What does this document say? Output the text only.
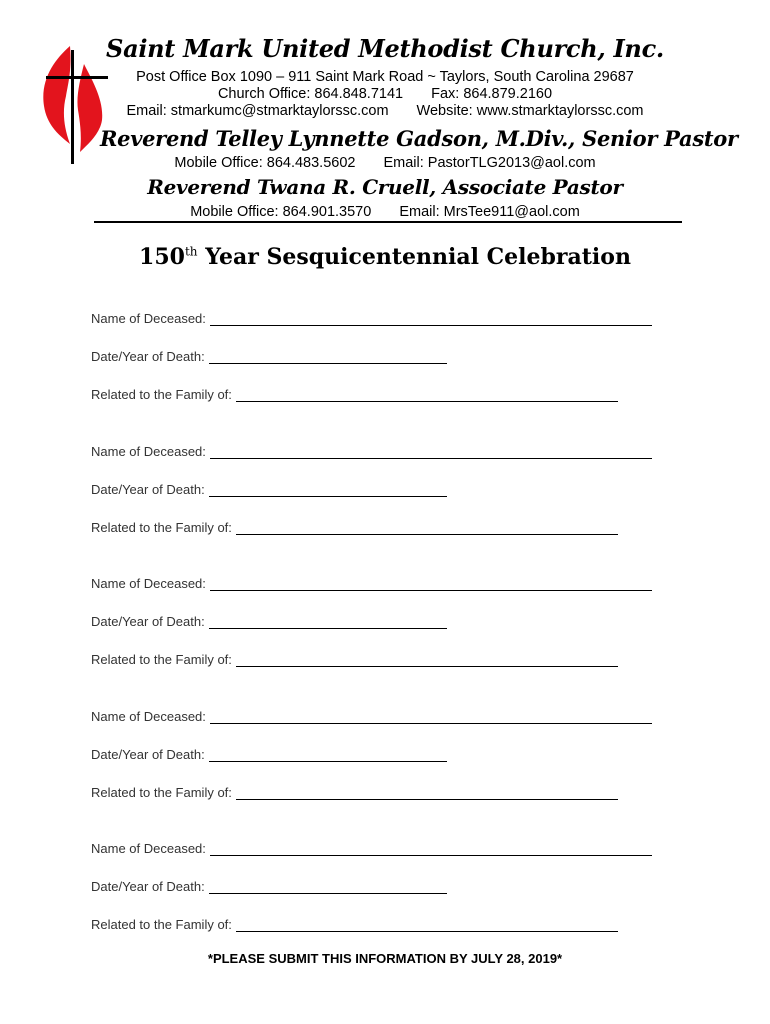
Saint Mark United Methodist Church, Inc.
Post Office Box 1090 – 911 Saint Mark Road ~ Taylors, South Carolina 29687
Church Office: 864.848.7141 Fax: 864.879.2160
Email: stmarkumc@stmarktaylorssc.com Website: www.stmarktaylorssc.com
Reverend Telley Lynnette Gadson, M.Div., Senior Pastor
Mobile Office: 864.483.5602 Email: PastorTLG2013@aol.com
Reverend Twana R. Cruell, Associate Pastor
Mobile Office: 864.901.3570 Email: MrsTee911@aol.com
150th Year Sesquicentennial Celebration
Name of Deceased:
Date/Year of Death:
Related to the Family of:
Name of Deceased:
Date/Year of Death:
Related to the Family of:
Name of Deceased:
Date/Year of Death:
Related to the Family of:
Name of Deceased:
Date/Year of Death:
Related to the Family of:
Name of Deceased:
Date/Year of Death:
Related to the Family of:
*PLEASE SUBMIT THIS INFORMATION BY JULY 28, 2019*
